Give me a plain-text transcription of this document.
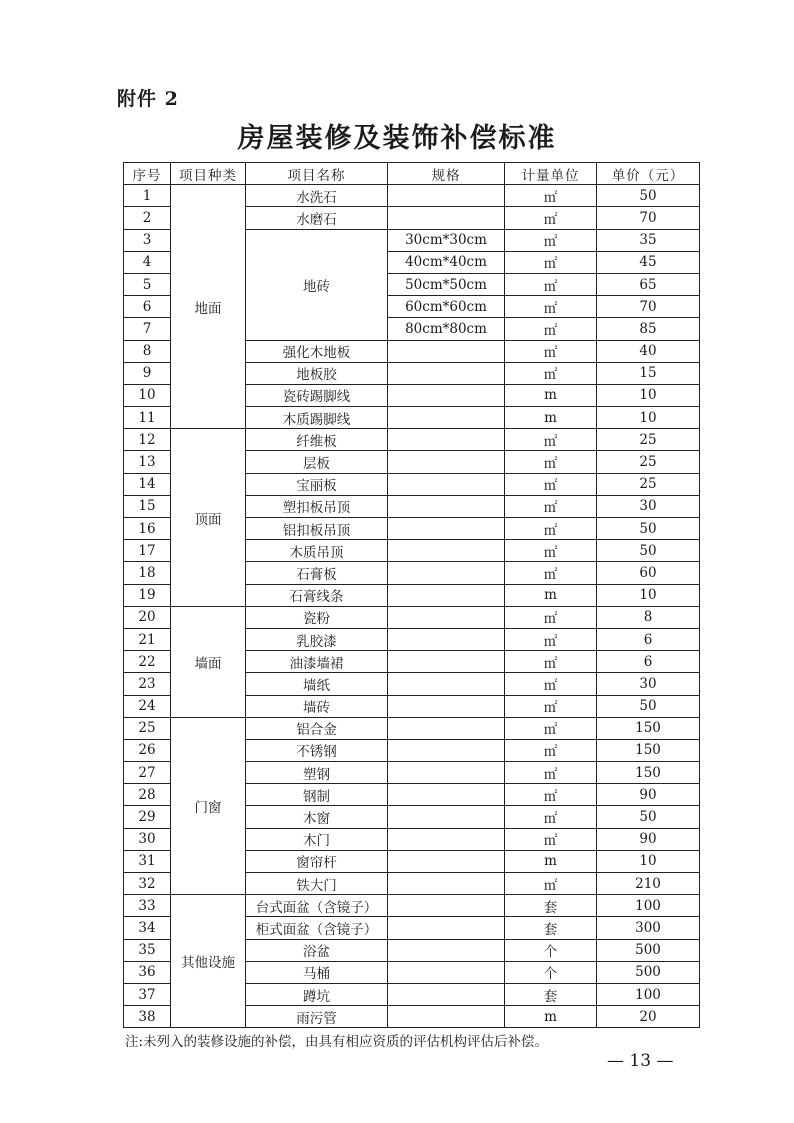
附件 2
房屋装修及装饰补偿标准
序号	项目种类	项目名称	规格	计量单位	单价（元）
1	地面	水洗石		㎡	50
2		水磨石		㎡	70
3		地砖	30cm*30cm	㎡	35
4			40cm*40cm	㎡	45
5			50cm*50cm	㎡	65
6			60cm*60cm	㎡	70
7			80cm*80cm	㎡	85
8		强化木地板		㎡	40
9		地板胶		㎡	15
10		瓷砖踢脚线		m	10
11		木质踢脚线		m	10
12	顶面	纤维板		㎡	25
13		层板		㎡	25
14		宝丽板		㎡	25
15		塑扣板吊顶		㎡	30
16		铝扣板吊顶		㎡	50
17		木质吊顶		㎡	50
18		石膏板		㎡	60
19		石膏线条		m	10
20	墙面	瓷粉		㎡	8
21		乳胶漆		㎡	6
22		油漆墙裙		㎡	6
23		墙纸		㎡	30
24		墙砖		㎡	50
25	门窗	铝合金		㎡	150
26		不锈钢		㎡	150
27		塑钢		㎡	150
28		钢制		㎡	90
29		木窗		㎡	50
30		木门		㎡	90
31		窗帘杆		m	10
32		铁大门		㎡	210
33	其他设施	台式面盆（含镜子）		套	100
34		柜式面盆（含镜子）		套	300
35		浴盆		个	500
36		马桶		个	500
37		蹲坑		套	100
38		雨污管		m	20
注:未列入的装修设施的补偿，由具有相应资质的评估机构评估后补偿。
— 13 —
